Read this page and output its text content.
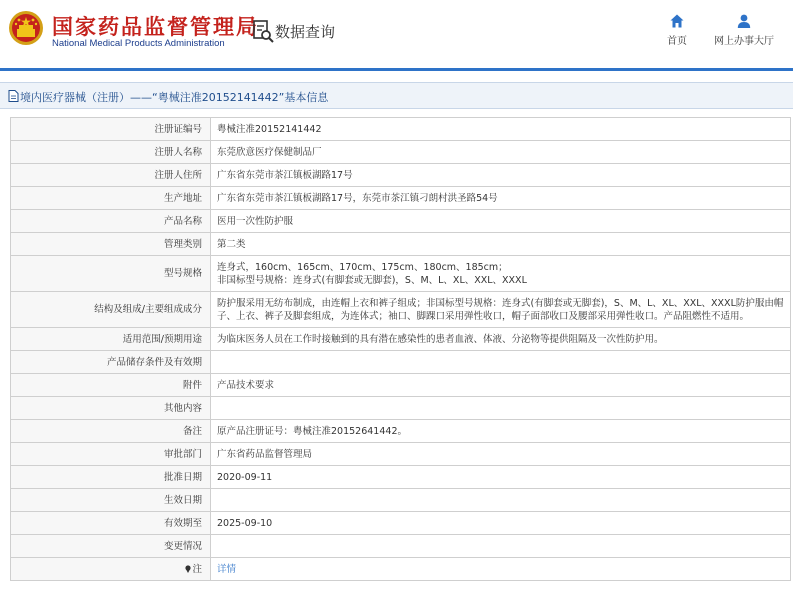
国家药品监督管理局
National Medical Products Administration
数据查询
首页	网上办事大厅
境内医疗器械（注册）——“粤械注准20152141442”基本信息
注册证编号	粤械注准20152141442
注册人名称	东莞欣意医疗保健制品厂
注册人住所	广东省东莞市茶江镇板湖路17号
生产地址	广东省东莞市茶江镇板湖路17号，东莞市茶江镇刁朗村洪圣路54号
产品名称	医用一次性防护服
管理类别	第二类
型号规格	连身式，160cm、165cm、170cm、175cm、180cm、185cm；
非国标型号规格：连身式(有脚套或无脚套)，S、M、L、XL、XXL、XXXL

结构及组成/主要组成成分	防护服采用无纺布制成，由连帽上衣和裤子组成；非国标型号规格：连身式(有脚套或无脚套)，S、M、L、XL、XXL、XXXL防护服由帽子、上衣、裤子及脚套组成，为连体式；袖口、脚踝口采用弹性收口，帽子面部收口及腰部采用弹性收口。产品阻燃性不适用。

适用范围/预期用途	为临床医务人员在工作时接触到的具有潜在感染性的患者血液、体液、分泌物等提供阻隔及一次性防护用。
产品储存条件及有效期	
附件	产品技术要求
其他内容	
备注	原产品注册证号：粤械注准20152641442。
审批部门	广东省药品监督管理局
批准日期	2020-09-11
生效日期	
有效期至	2025-09-10
变更情况	
注	详情
